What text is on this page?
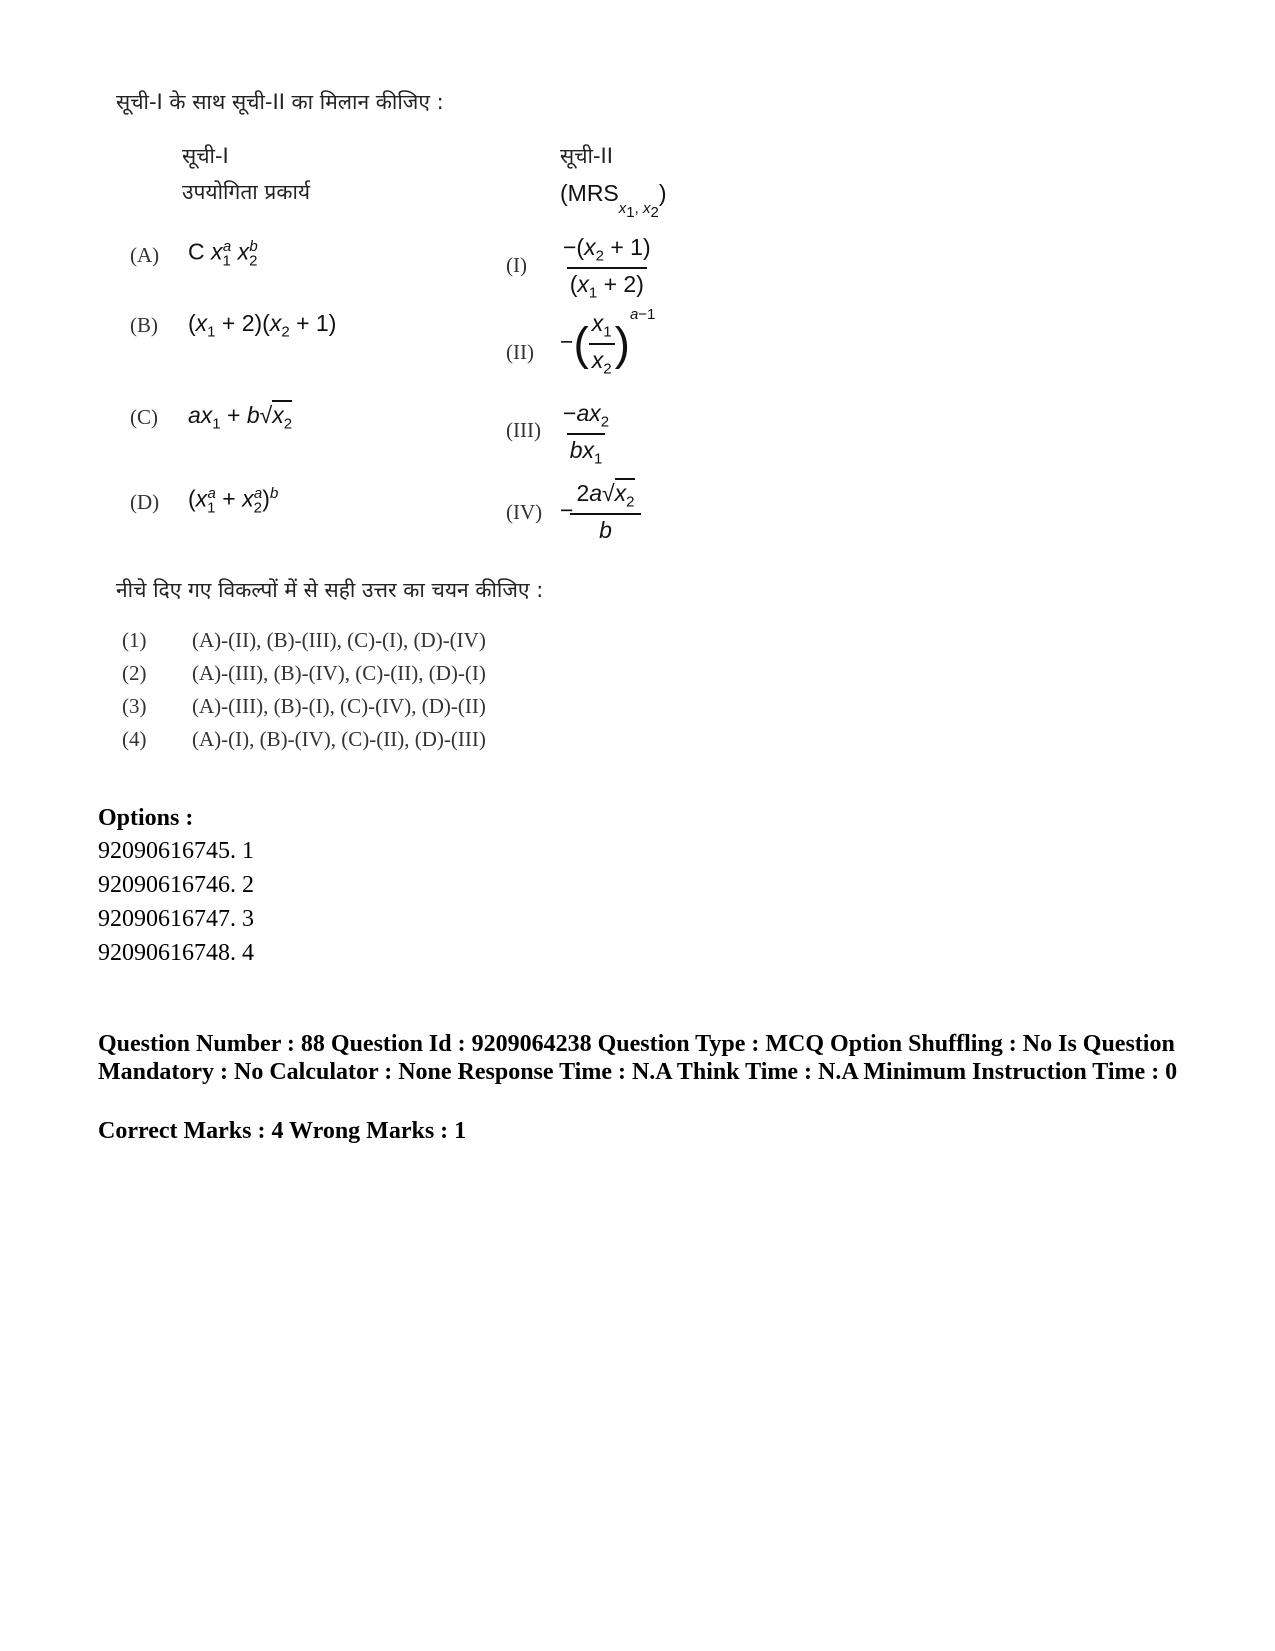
सूची-I के साथ सूची-II का मिलान कीजिए :
सूची-I
उपयोगिता प्रकार्य
सूची-II
$(MRS_{x_1, x_2})$
(A) C $x_1^a$ $x_2^b$
(B) $(x_1 + 2)(x_2 + 1)$
(C) $ax_1 + b√x_2$
(D) $(x_1^a + x_2^a)^b$
$(I) \frac{-(x_2 + 1)}{(x_1 + 2)}$
(II) −( $\frac{x_1}{x_2} )^{a-1}$
$(III) \frac{-ax_2}{bx_1}$
$(IV) - \frac{2a√x_2}{b}$
नीचे दिए गए विकल्पों में से सही उत्तर का चयन कीजिए :
(1) (A)-(II), (B)-(III), (C)-(I), (D)-(IV)
(2) (A)-(III), (B)-(IV), (C)-(II), (D)-(I)
(3) (A)-(III), (B)-(I), (C)-(IV), (D)-(II)
(4) (A)-(I), (B)-(IV), (C)-(II), (D)-(III)
Options :
92090616745. 1
92090616746. 2
92090616747. 3
92090616748. 4
Question Number : 88 Question Id : 9209064238 Question Type : MCQ Option Shuffling : No Is Question Mandatory : No Calculator : None Response Time : N.A Think Time : N.A Minimum Instruction Time : 0
Correct Marks : 4 Wrong Marks : 1
